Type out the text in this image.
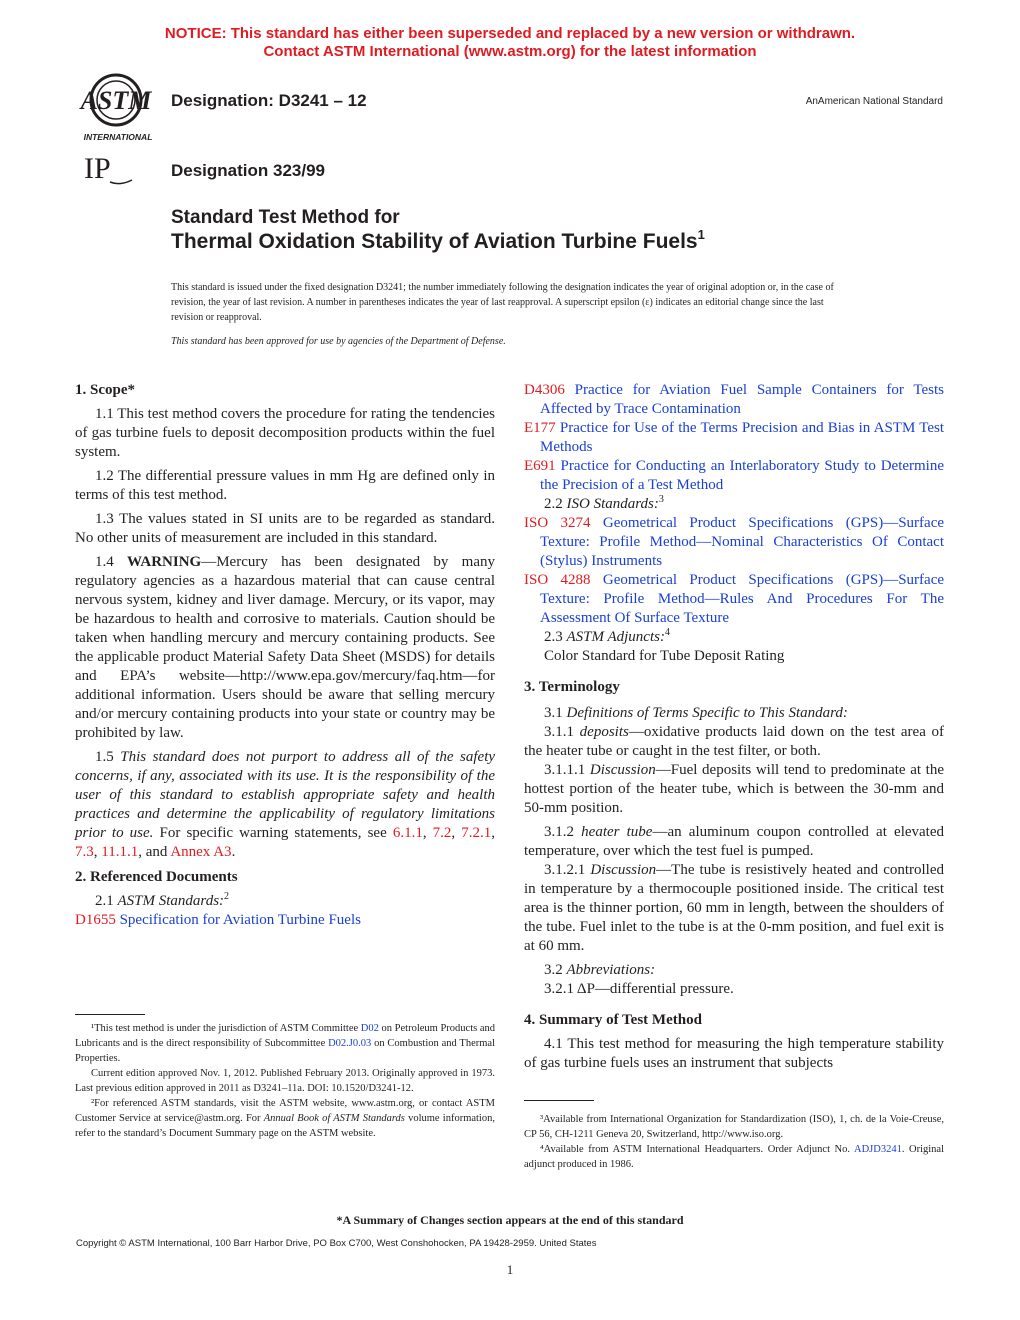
NOTICE: This standard has either been superseded and replaced by a new version or withdrawn.
Contact ASTM International (www.astm.org) for the latest information
ASTM
INTERNATIONAL
IP
Designation: D3241 – 12	AnAmerican National Standard
Designation 323/99
Standard Test Method for
Thermal Oxidation Stability of Aviation Turbine Fuels$^1$
This standard is issued under the fixed designation D3241; the number immediately following the designation indicates the year of original adoption or, in the case of revision, the year of last revision. A number in parentheses indicates the year of last reapproval. A superscript epsilon (ε) indicates an editorial change since the last revision or reapproval.
This standard has been approved for use by agencies of the Department of Defense.

1. Scope*

1.1 This test method covers the procedure for rating the tendencies of gas turbine fuels to deposit decomposition products within the fuel system.

1.2 The differential pressure values in mm Hg are defined only in terms of this test method.

1.3 The values stated in SI units are to be regarded as standard. No other units of measurement are included in this standard.

1.4 WARNING—Mercury has been designated by many regulatory agencies as a hazardous material that can cause central nervous system, kidney and liver damage. Mercury, or its vapor, may be hazardous to health and corrosive to materials. Caution should be taken when handling mercury and mercury containing products. See the applicable product Material Safety Data Sheet (MSDS) for details and EPA’s website—http://www.epa.gov/mercury/faq.htm—for additional information. Users should be aware that selling mercury and/or mercury containing products into your state or country may be prohibited by law.

1.5 This standard does not purport to address all of the safety concerns, if any, associated with its use. It is the responsibility of the user of this standard to establish appropriate safety and health practices and determine the applicability of regulatory limitations prior to use. For specific warning statements, see 6.1.1, 7.2, 7.2.1, 7.3, 11.1.1, and Annex A3.

2. Referenced Documents

2.1 ASTM Standards:$^2$

D1655 Specification for Aviation Turbine Fuels

¹This test method is under the jurisdiction of ASTM Committee D02 on Petroleum Products and Lubricants and is the direct responsibility of Subcommittee D02.J0.03 on Combustion and Thermal Properties.

Current edition approved Nov. 1, 2012. Published February 2013. Originally approved in 1973. Last previous edition approved in 2011 as D3241–11a. DOI: 10.1520/D3241-12.

²For referenced ASTM standards, visit the ASTM website, www.astm.org, or contact ASTM Customer Service at service@astm.org. For Annual Book of ASTM Standards volume information, refer to the standard’s Document Summary page on the ASTM website.

D4306 Practice for Aviation Fuel Sample Containers for Tests Affected by Trace Contamination

E177 Practice for Use of the Terms Precision and Bias in ASTM Test Methods

E691 Practice for Conducting an Interlaboratory Study to Determine the Precision of a Test Method

2.2 ISO Standards:$^3$

ISO 3274 Geometrical Product Specifications (GPS)—Surface Texture: Profile Method—Nominal Characteristics Of Contact (Stylus) Instruments

ISO 4288 Geometrical Product Specifications (GPS)—Surface Texture: Profile Method—Rules And Procedures For The Assessment Of Surface Texture

2.3 ASTM Adjuncts:$^4$

Color Standard for Tube Deposit Rating

3. Terminology

3.1 Definitions of Terms Specific to This Standard:

3.1.1 deposits—oxidative products laid down on the test area of the heater tube or caught in the test filter, or both.

3.1.1.1 Discussion—Fuel deposits will tend to predominate at the hottest portion of the heater tube, which is between the 30-mm and 50-mm position.

3.1.2 heater tube—an aluminum coupon controlled at elevated temperature, over which the test fuel is pumped.

3.1.2.1 Discussion—The tube is resistively heated and controlled in temperature by a thermocouple positioned inside. The critical test area is the thinner portion, 60 mm in length, between the shoulders of the tube. Fuel inlet to the tube is at the 0-mm position, and fuel exit is at 60 mm.

3.2 Abbreviations:

3.2.1 ΔP—differential pressure.

4. Summary of Test Method

4.1 This test method for measuring the high temperature stability of gas turbine fuels uses an instrument that subjects

³Available from International Organization for Standardization (ISO), 1, ch. de la Voie-Creuse, CP 56, CH-1211 Geneva 20, Switzerland, http://www.iso.org.

⁴Available from ASTM International Headquarters. Order Adjunct No. ADJD3241. Original adjunct produced in 1986.

*A Summary of Changes section appears at the end of this standard
Copyright © ASTM International, 100 Barr Harbor Drive, PO Box C700, West Conshohocken, PA 19428-2959. United States
1
